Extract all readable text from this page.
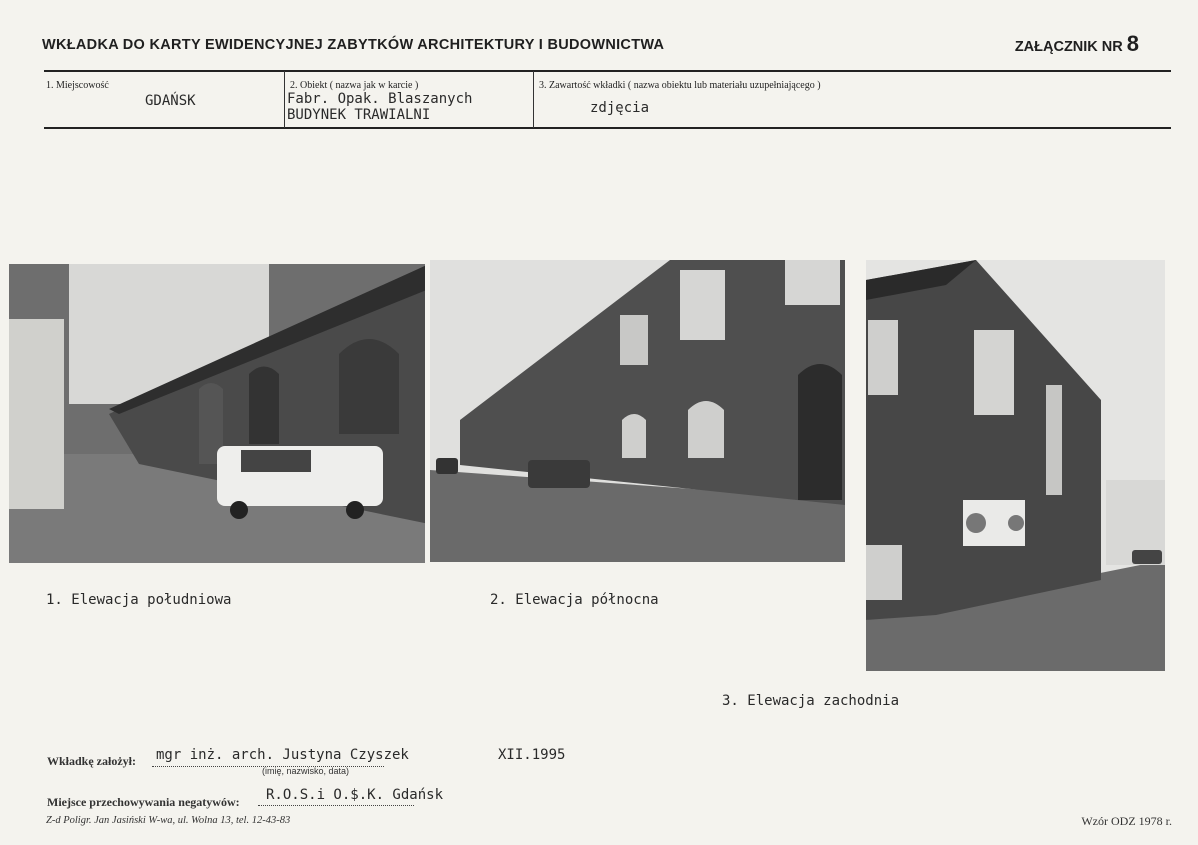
WKŁADKA DO KARTY EWIDENCYJNEJ ZABYTKÓW ARCHITEKTURY I BUDOWNICTWA	ZAŁĄCZNIK NR 8
1. Miejscowość
GDAŃSK
2. Obiekt ( nazwa jak w karcie )
Fabr. Opak. Blaszanych
BUDYNEK TRAWIALNI
3. Zawartość wkładki ( nazwa obiektu lub materiału uzupełniającego )
zdjęcia
1. Elewacja południowa	2. Elewacja północna
3. Elewacja zachodnia
Wkładkę założył: mgr inż. arch. Justyna Czyszek	XII.1995
(imię, nazwisko, data)
Miejsce przechowywania negatywów: R.O.S.i O.$.K. Gdańsk
Z-d Poligr. Jan Jasiński W-wa, ul. Wolna 13, tel. 12-43-83	Wzór ODZ 1978 r.
